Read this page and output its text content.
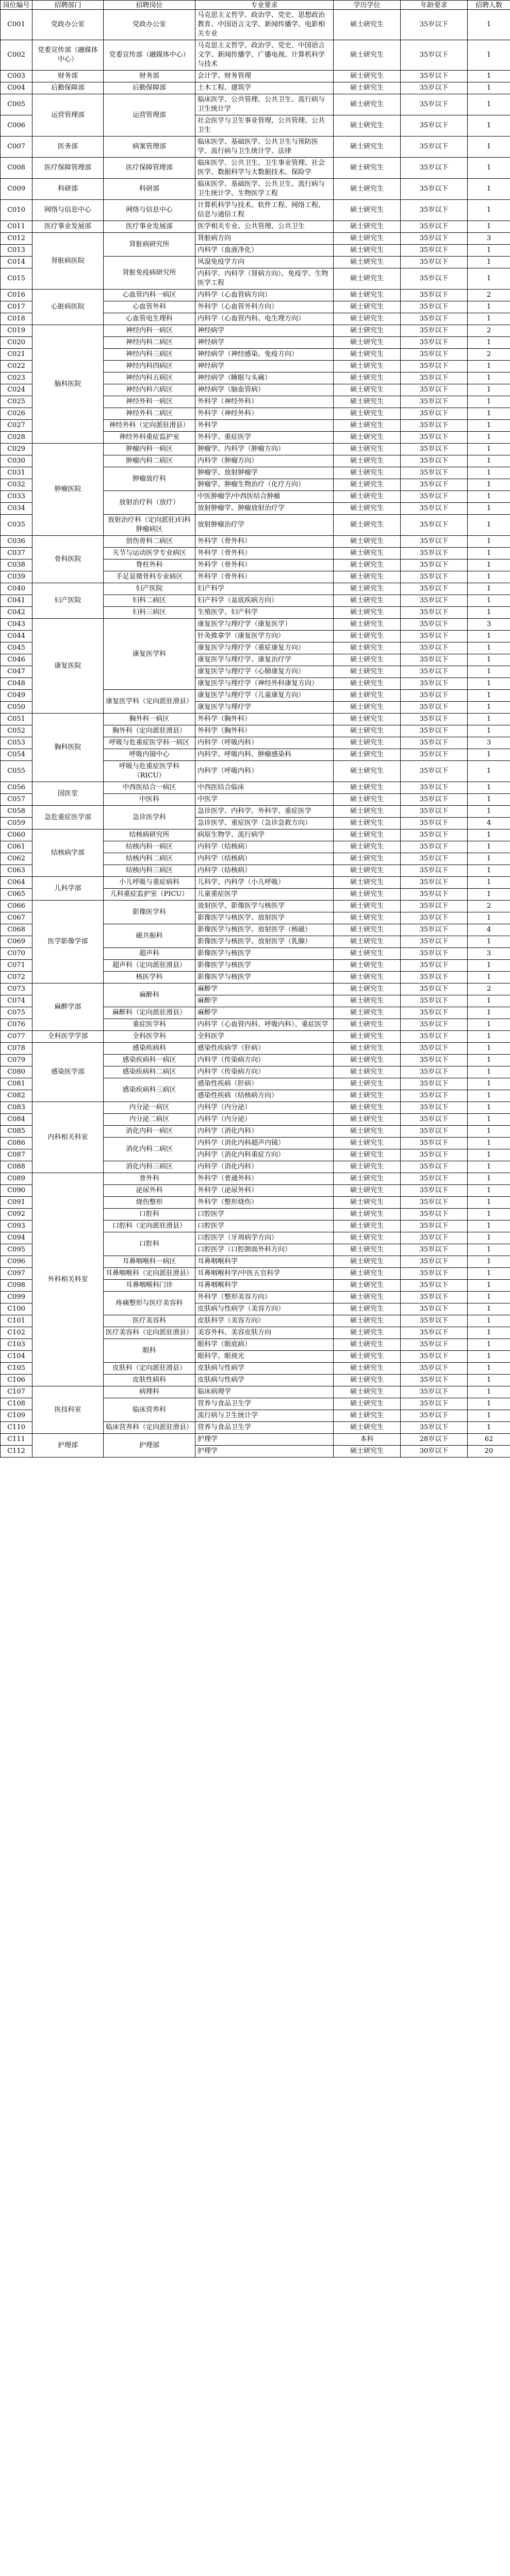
岗位编号	招聘部门	招聘岗位	专业要求	学历学位	年龄要求	招聘人数

C001	党政办公室	党政办公室	马克思主义哲学、政治学、党史、思想政治教育、中国语言文学、新闻传播学、电影相关专业	硕士研究生	35岁以下	1
C002	党委宣传部（融媒体中心）	党委宣传部（融媒体中心）	马克思主义哲学、政治学、党史、中国语言文学、新闻传播学、广播电视、计算机科学与技术	硕士研究生	35岁以下	1
C003	财务部	财务部	会计学、财务管理	硕士研究生	35岁以下	1
C004	后勤保障部	后勤保障部	土木工程、建筑学	硕士研究生	35岁以下	1
C005	运营管理部	运营管理部	临床医学、公共管理、公共卫生、流行病与卫生统计学	硕士研究生	35岁以下	1
C006			社会医学与卫生事业管理、公共管理、公共卫生	硕士研究生	35岁以下	1
C007	医务部	病案管理部	临床医学、基础医学、公共卫生与预防医学、流行病与卫生统计学、法律	硕士研究生	35岁以下	1
C008	医疗保障管理部	医疗保障管理部	临床医学、公共卫生、卫生事业管理、社会医学、数据科学与大数据技术、保险学	硕士研究生	35岁以下	1
C009	科研部	科研部	临床医学、基础医学、公共卫生、流行病与卫生统计学、生物医学工程	硕士研究生	35岁以下	1
C010	网络与信息中心	网络与信息中心	计算机科学与技术、软件工程、网络工程、信息与通信工程	硕士研究生	35岁以下	1
C011	医疗事业发展部	医疗事业发展部	医学相关专业、公共管理、公共卫生	硕士研究生	35岁以下	1
C012	肾脏病医院	肾脏病研究所	肾脏病方向	硕士研究生	35岁以下	3
C013			内科学（血液净化）	硕士研究生	35岁以下	1
C014		肾脏免疫病研究所	风湿免疫学方向	硕士研究生	35岁以下	1
C015			内科学、内科学（肾病方向）、免疫学、生物医学工程	硕士研究生	35岁以下	1
C016	心脏病医院	心血管内科一病区	内科学（心血管病方向）	硕士研究生	35岁以下	2
C017		心血管外科	外科学（心血管外科方向）	硕士研究生	35岁以下	1
C018		心血管电生理科	内科学（心血管内科、电生理方向）	硕士研究生	35岁以下	1
C019	脑科医院	神经内科一病区	神经病学	硕士研究生	35岁以下	2
C020		神经内科二病区	神经病学	硕士研究生	35岁以下	1
C021		神经内科三病区	神经病学（神经感染、免疫方向）	硕士研究生	35岁以下	2
C022		神经内科四病区	神经病学	硕士研究生	35岁以下	1
C023		神经内科五病区	神经病学（睡眠与头痛）	硕士研究生	35岁以下	1
C024		神经内科六病区	神经病学（脑血管病）	硕士研究生	35岁以下	1
C025		神经外科一病区	外科学（神经外科）	硕士研究生	35岁以下	1
C026		神经外科二病区	外科学（神经外科）	硕士研究生	35岁以下	1
C027		神经外科（定向派驻滑县）	外科学	硕士研究生	35岁以下	1
C028		神经外科重症监护室	外科学、重症医学	硕士研究生	35岁以下	1
C029	肿瘤医院	肿瘤内科一病区	肿瘤学、内科学（肿瘤方向）	硕士研究生	35岁以下	1
C030		肿瘤内科二病区	内科学（肿瘤方向）	硕士研究生	35岁以下	1
C031		肿瘤放疗科	肿瘤学、放射肿瘤学	硕士研究生	35岁以下	1
C032			肿瘤学、肿瘤生物治疗（化疗方向）	硕士研究生	35岁以下	1
C033		放射治疗科（放疗）	中医肿瘤学/中西医结合肿瘤	硕士研究生	35岁以下	1
C034			放射肿瘤学、肿瘤放射治疗学	硕士研究生	35岁以下	1
C035		放射治疗科（定向派驻)妇科肿瘤病区	放射肿瘤治疗学	硕士研究生	35岁以下	1
C036	骨科医院	创伤骨科二病区	外科学（骨外科）	硕士研究生	35岁以下	1
C037		关节与运动医学专业病区	外科学（骨外科）	硕士研究生	35岁以下	1
C038		脊柱外科	外科学（骨外科）	硕士研究生	35岁以下	1
C039		手足显微骨科专业病区	外科学（骨外科）	硕士研究生	35岁以下	1
C040	妇产医院	妇产医院	妇产科学	硕士研究生	35岁以下	1
C041		妇科二病区	妇产科学（盆底疾病方向）	硕士研究生	35岁以下	1
C042		妇科三病区	生殖医学、妇产科学	硕士研究生	35岁以下	1
C043	康复医院	康复医学科	康复医学与理疗学（康复医学）	硕士研究生	35岁以下	3
C044			针灸推拿学（康复医学方向）	硕士研究生	35岁以下	1
C045			康复医学与理疗学（重症康复方向）	硕士研究生	35岁以下	1
C046			康复医学与理疗学、康复治疗学	硕士研究生	35岁以下	1
C047			康复医学与理疗学（心肺康复方向）	硕士研究生	35岁以下	1
C048			康复医学与理疗学（神经外科康复方向）	硕士研究生	35岁以下	1
C049		康复医学科（定向派驻滑县）	康复医学与理疗学（儿童康复方向）	硕士研究生	35岁以下	1
C050			康复医学与理疗学	硕士研究生	35岁以下	1
C051	胸科医院	胸外科一病区	外科学（胸外科）	硕士研究生	35岁以下	1
C052		胸外科（定向派驻滑县）	外科学（胸外科）	硕士研究生	35岁以下	1
C053		呼吸与危重症医学科一病区	内科学（呼吸内科）	硕士研究生	35岁以下	3
C054		呼吸内镜中心	内科学、呼吸内科、肿瘤感染科	硕士研究生	35岁以下	1
C055		呼吸与危重症医学科（RICU）	内科学（呼吸内科）	硕士研究生	35岁以下	1
C056	国医堂	中西医结合一病区	中西医结合临床	硕士研究生	35岁以下	1
C057		中医科	中医学	硕士研究生	35岁以下	1
C058	急危重症医学部	急诊医学科	急诊医学、内科学、外科学、重症医学	硕士研究生	35岁以下	1
C059			急诊医学、重症医学（急诊急救方向）	硕士研究生	35岁以下	4
C060	结核病学部	结核病研究所	病原生物学、流行病学	硕士研究生	35岁以下	1
C061		结核内科一病区	内科学（结核病）	硕士研究生	35岁以下	1
C062		结核内科二病区	内科学（结核病）	硕士研究生	35岁以下	1
C063		结核内科三病区	内科学（结核病）	硕士研究生	35岁以下	1
C064	儿科学部	小儿呼吸与重症病科	儿科学、内科学（小儿呼吸）	硕士研究生	35岁以下	1
C065		儿科重症监护室（PICU）	儿童重症医学	硕士研究生	35岁以下	1
C066	医学影像学部	影像医学科	放射医学、影像医学与核医学	硕士研究生	35岁以下	2
C067			影像医学与核医学、放射医学	硕士研究生	35岁以下	1
C068		磁共振科	影像医学与核医学、放射医学（核磁）	硕士研究生	35岁以下	4
C069			影像医学与核医学、放射医学（乳腺）	硕士研究生	35岁以下	1
C070		超声科	影像医学与核医学	硕士研究生	35岁以下	3
C071		超声科（定向派驻滑县）	影像医学与核医学	硕士研究生	35岁以下	1
C072		核医学科	影像医学与核医学	硕士研究生	35岁以下	1
C073	麻醉学部	麻醉科	麻醉学	硕士研究生	35岁以下	2
C074			麻醉学	硕士研究生	35岁以下	1
C075		麻醉科（定向派驻滑县）	麻醉学	硕士研究生	35岁以下	1
C076		重症医学科	内科学（心血管内科、呼吸内科）、重症医学	硕士研究生	35岁以下	1
C077	全科医学学部	全科医学科	全科医学	硕士研究生	35岁以下	1
C078	感染医学部	感染疾病科	感染性疾病学（肝病）	硕士研究生	35岁以下	1
C079		感染疾病科一病区	内科学（传染病方向）	硕士研究生	35岁以下	1
C080		感染疾病科二病区	内科学（传染病方向）	硕士研究生	35岁以下	1
C081		感染疾病科三病区	感染性疾病（肝病）	硕士研究生	35岁以下	1
C082			感染性疾病（结核病方向）	硕士研究生	35岁以下	1
C083	内科相关科室	内分泌一病区	内科学（内分泌）	硕士研究生	35岁以下	1
C084		内分泌二病区	内科学（内分泌）	硕士研究生	35岁以下	1
C085		消化内科一病区	内科学（消化内科）	硕士研究生	35岁以下	1
C086		消化内科二病区	内科学（消化内科超声内镜）	硕士研究生	35岁以下	1
C087			内科学（消化内科重症方向）	硕士研究生	35岁以下	1
C088		消化内科三病区	内科学（消化内科）	硕士研究生	35岁以下	1
C089	外科相关科室	普外科	外科学（普通外科）	硕士研究生	35岁以下	1
C090		泌尿外科	外科学（泌尿外科）	硕士研究生	35岁以下	1
C091		烧伤整形	外科学（整形烧伤）	硕士研究生	35岁以下	1
C092		口腔科	口腔医学	硕士研究生	35岁以下	1
C093		口腔科（定向派驻滑县）	口腔医学	硕士研究生	35岁以下	1
C094		口腔科	口腔医学（牙周病学方向）	硕士研究生	35岁以下	1
C095			口腔医学（口腔颌面外科方向）	硕士研究生	35岁以下	1
C096		耳鼻咽喉科一病区	耳鼻咽喉科学	硕士研究生	35岁以下	1
C097		耳鼻咽喉科（定向派驻滑县）	耳鼻咽喉科学/中医五官科学	硕士研究生	35岁以下	1
C098		耳鼻咽喉科门诊	耳鼻咽喉科学	硕士研究生	35岁以下	1
C099		疼痛整形与医疗美容科	外科学（整形美容方向）	硕士研究生	35岁以下	1
C100			皮肤病与性病学（美容方向）	硕士研究生	35岁以下	1
C101		医疗美容科	皮肤科学（美容方向）	硕士研究生	35岁以下	1
C102		医疗美容科（定向派驻滑县）	美容外科、美容皮肤方向	硕士研究生	35岁以下	1
C103		眼科	眼科学（眼底病）	硕士研究生	35岁以下	1
C104			眼科学、眼视光	硕士研究生	35岁以下	1
C105		皮肤科（定向派驻滑县）	皮肤病与性病学	硕士研究生	35岁以下	1
C106		皮肤性病科	皮肤病与性病学	硕士研究生	35岁以下	1
C107	医技科室	病理科	临床病理学	硕士研究生	35岁以下	1
C108		临床营养科	营养与食品卫生学	硕士研究生	35岁以下	1
C109			流行病与卫生统计学	硕士研究生	35岁以下	1
C110		临床营养科（定向派驻滑县）	营养与食品卫生学	硕士研究生	35岁以下	1
C111	护理部	护理部	护理学	本科	28岁以下	62
C112			护理学	硕士研究生	30岁以下	20
